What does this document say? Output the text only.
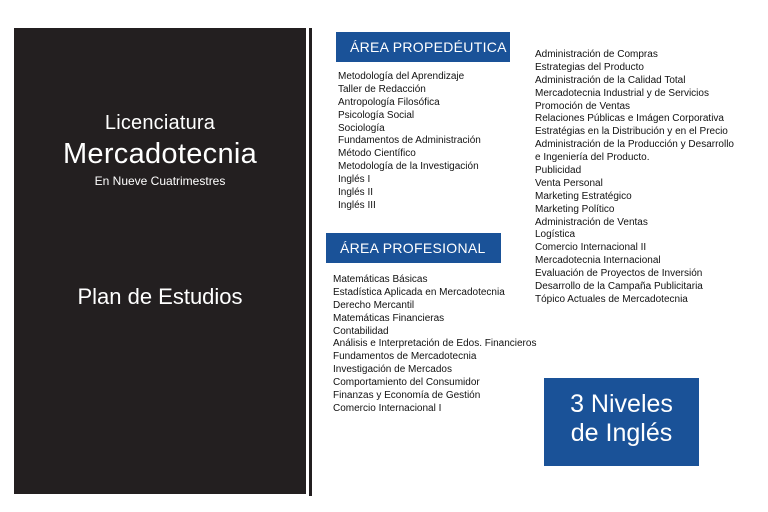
Licenciatura
Mercadotecnia
En Nueve Cuatrimestres
Plan de Estudios
ÁREA PROPEDÉUTICA
Metodología del Aprendizaje
Taller de Redacción
Antropología Filosófica
Psicología Social
Sociología
Fundamentos de Administración
Método Científico
Metodología de la Investigación
Inglés I
Inglés II
Inglés III
ÁREA PROFESIONAL
Matemáticas Básicas
Estadística Aplicada en Mercadotecnia
Derecho Mercantil
Matemáticas Financieras
Contabilidad
Análisis e Interpretación de Edos. Financieros
Fundamentos de Mercadotecnia
Investigación de Mercados
Comportamiento del Consumidor
Finanzas y Economía de Gestión
Comercio Internacional I
Administración de Compras
Estrategias del Producto
Administración de la Calidad Total
Mercadotecnia Industrial y de Servicios
Promoción de Ventas
Relaciones Públicas e Imágen Corporativa
Estratégias en la Distribución y en el Precio
Administración de la Producción y Desarrollo
e Ingeniería del Producto.
Publicidad
Venta Personal
Marketing Estratégico
Marketing Político
Administración de Ventas
Logística
Comercio Internacional II
Mercadotecnia Internacional
Evaluación de Proyectos de Inversión
Desarrollo de la Campaña Publicitaria
Tópico Actuales de Mercadotecnia
3 Niveles
de Inglés
